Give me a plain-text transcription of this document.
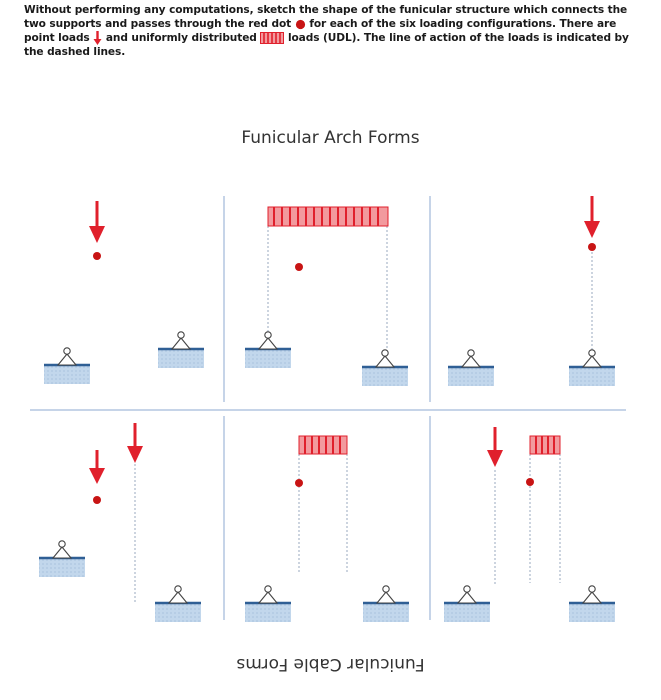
Without performing any computations, sketch the shape of the funicular structure which connects the two supports and passes through the red dot for each of the six loading configurations. There are point loads and uniformly distributed	loads (UDL). The line of action of the loads is indicated by the dashed lines.
Funicular Arch Forms
Funicular Cable Forms
